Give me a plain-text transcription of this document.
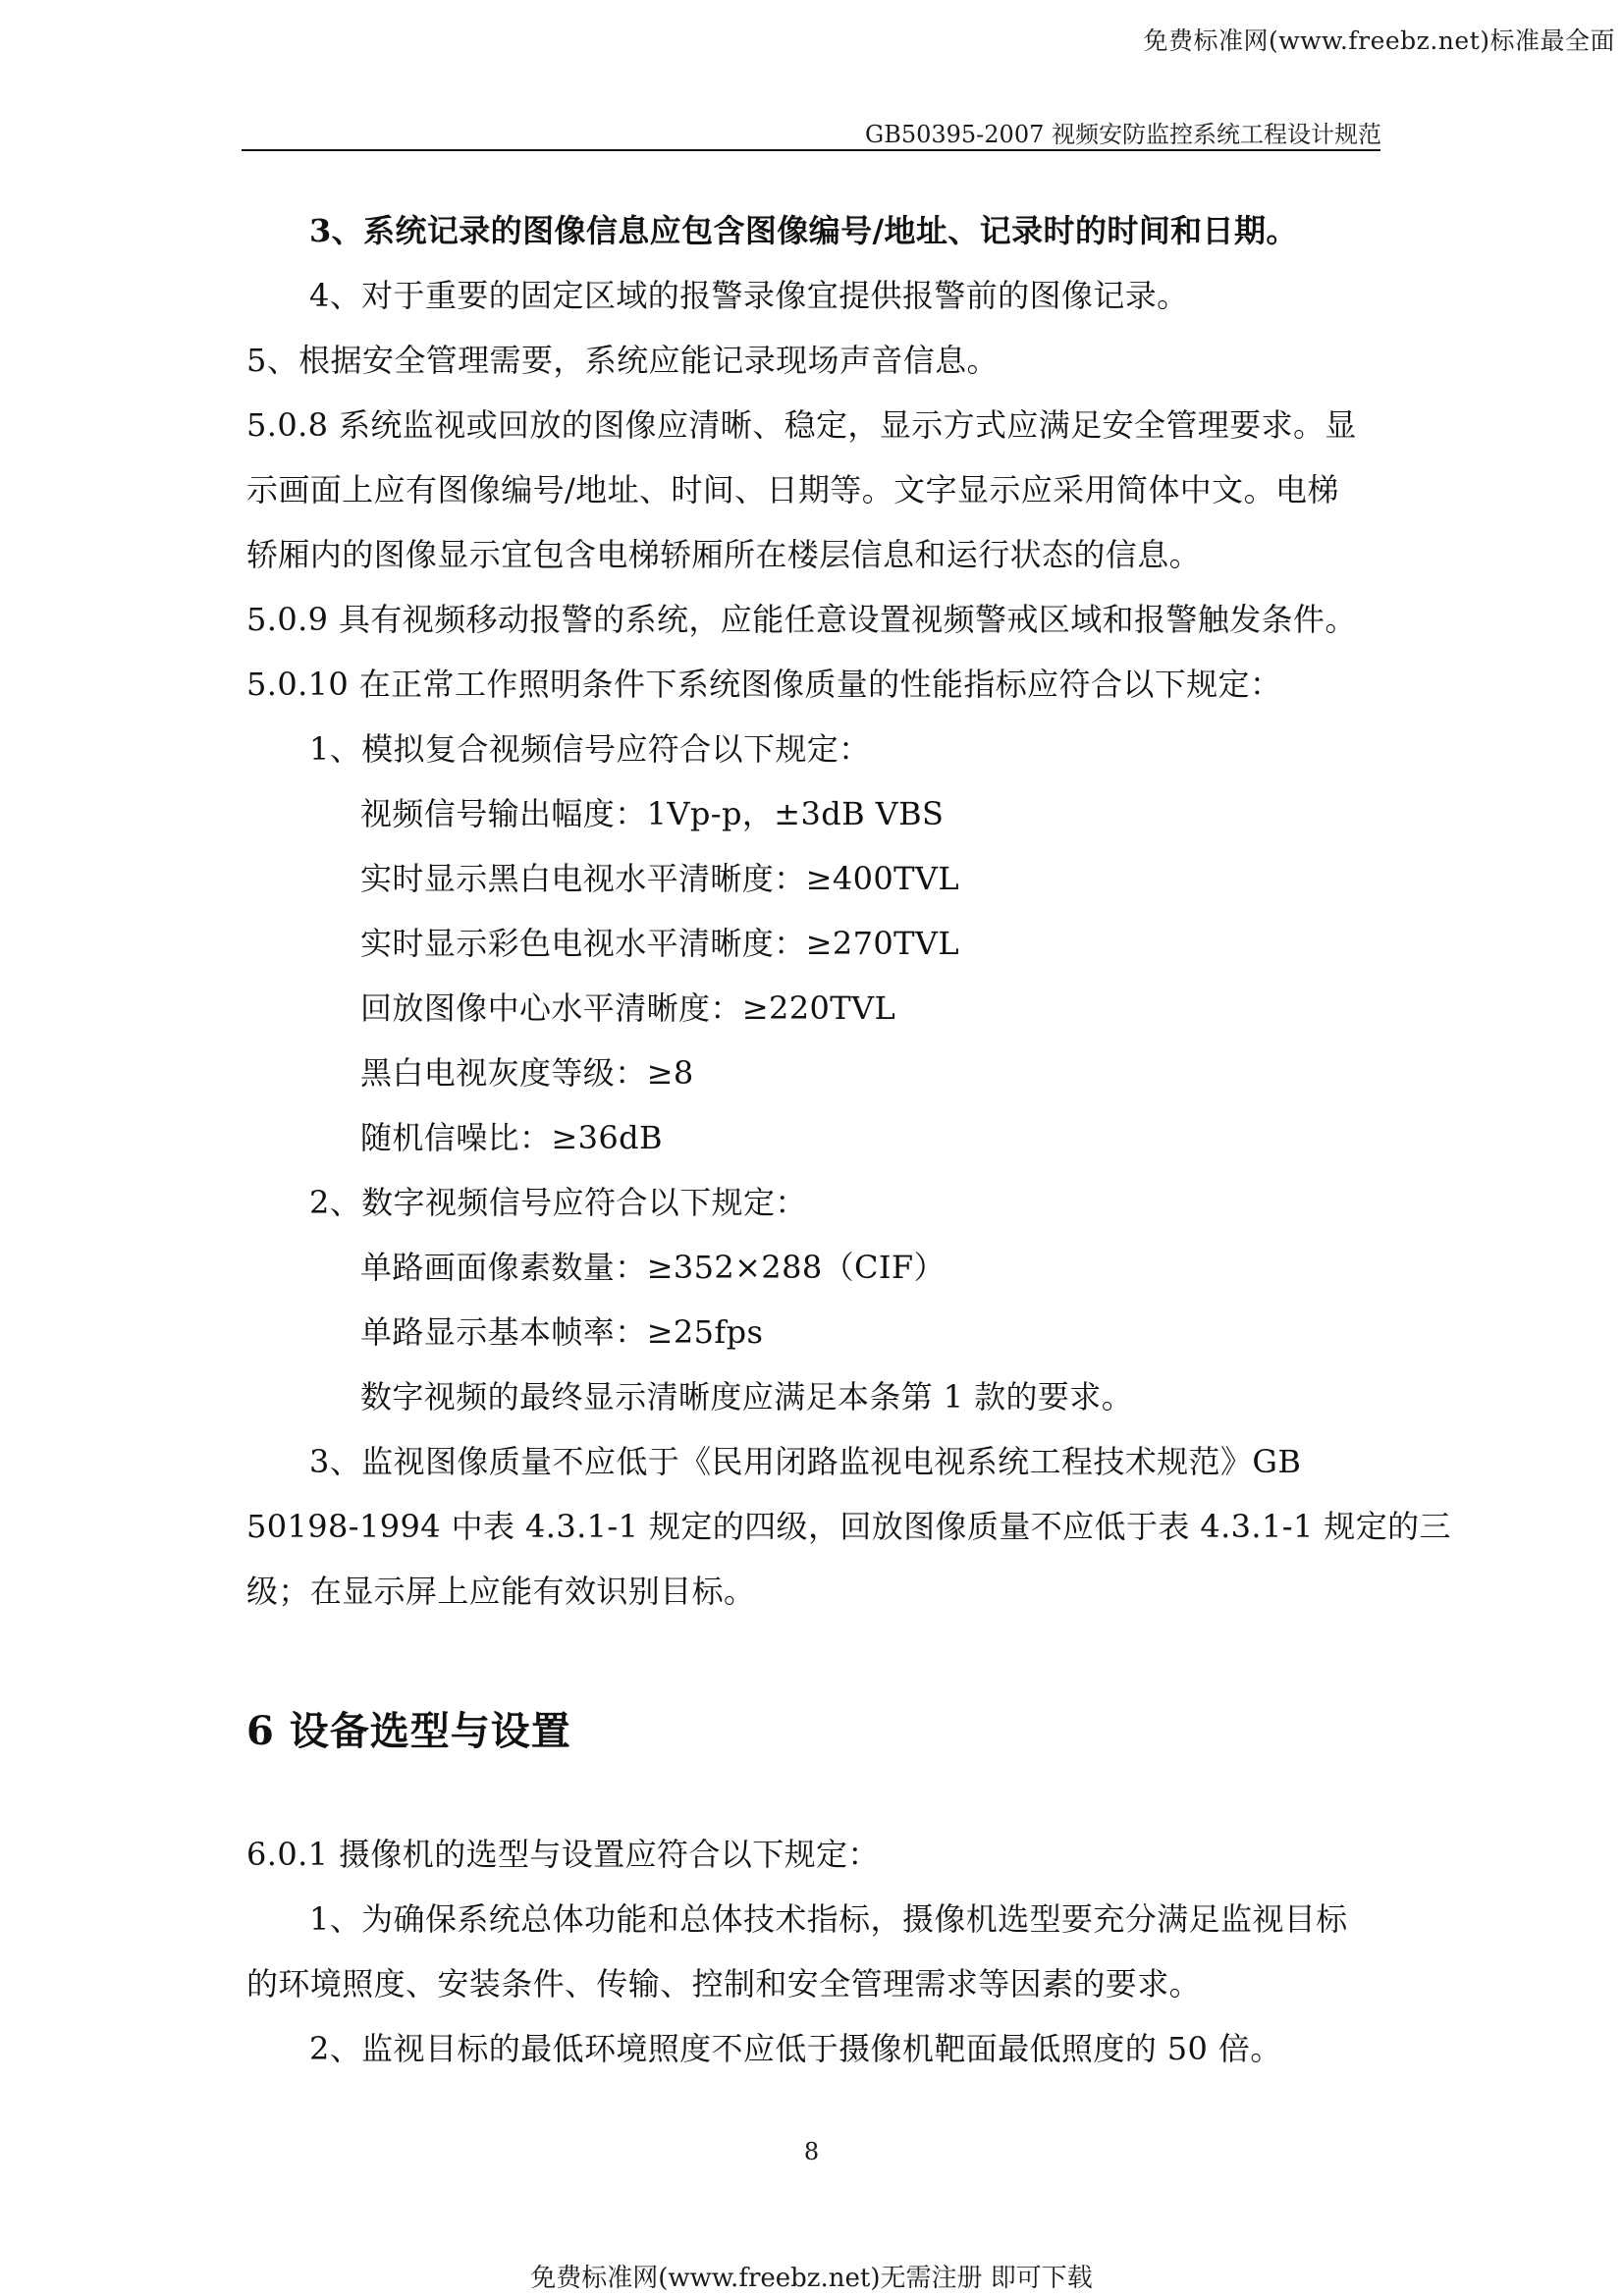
免费标准网(www.freebz.net)标准最全面
GB50395-2007 视频安防监控系统工程设计规范
3、系统记录的图像信息应包含图像编号/地址、记录时的时间和日期。
4、对于重要的固定区域的报警录像宜提供报警前的图像记录。
5、根据安全管理需要，系统应能记录现场声音信息。
5.0.8 系统监视或回放的图像应清晰、稳定，显示方式应满足安全管理要求。显
示画面上应有图像编号/地址、时间、日期等。文字显示应采用简体中文。电梯
轿厢内的图像显示宜包含电梯轿厢所在楼层信息和运行状态的信息。
5.0.9 具有视频移动报警的系统，应能任意设置视频警戒区域和报警触发条件。
5.0.10 在正常工作照明条件下系统图像质量的性能指标应符合以下规定：
1、模拟复合视频信号应符合以下规定：
视频信号输出幅度：1Vp-p，±3dB VBS
实时显示黑白电视水平清晰度：≥400TVL
实时显示彩色电视水平清晰度：≥270TVL
回放图像中心水平清晰度：≥220TVL
黑白电视灰度等级：≥8
随机信噪比：≥36dB
2、数字视频信号应符合以下规定：
单路画面像素数量：≥352×288（CIF）
单路显示基本帧率：≥25fps
数字视频的最终显示清晰度应满足本条第 1 款的要求。
3、监视图像质量不应低于《民用闭路监视电视系统工程技术规范》GB
50198-1994 中表 4.3.1-1 规定的四级，回放图像质量不应低于表 4.3.1-1 规定的三
级；在显示屏上应能有效识别目标。
6 设备选型与设置
6.0.1 摄像机的选型与设置应符合以下规定：
1、为确保系统总体功能和总体技术指标，摄像机选型要充分满足监视目标
的环境照度、安装条件、传输、控制和安全管理需求等因素的要求。
2、监视目标的最低环境照度不应低于摄像机靶面最低照度的 50 倍。
8
免费标准网(www.freebz.net)无需注册 即可下载
